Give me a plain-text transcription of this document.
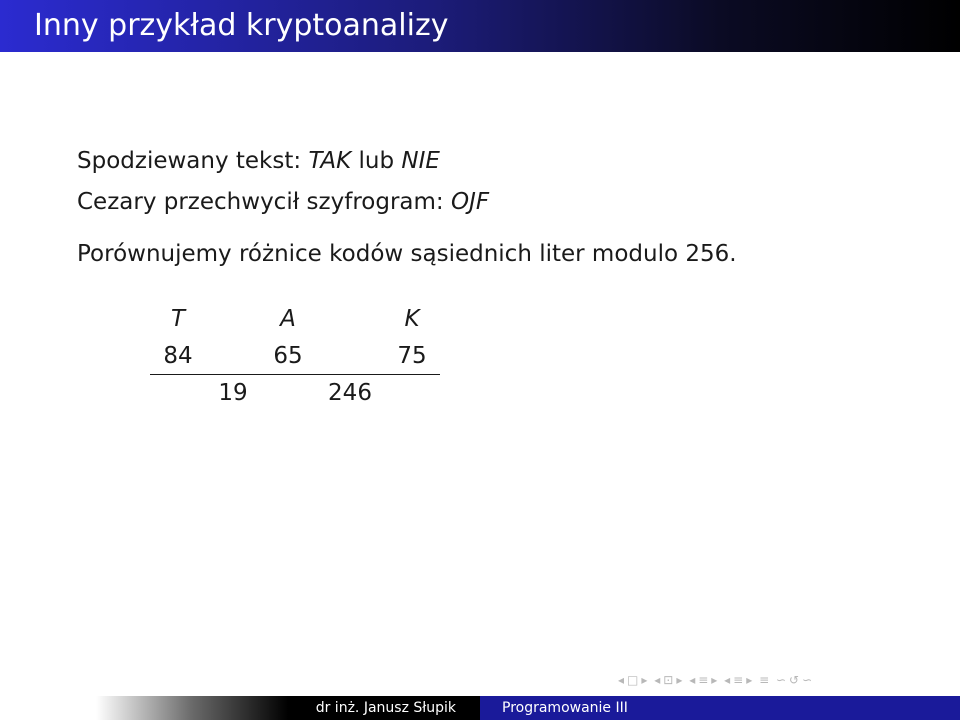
Inny przykład kryptoanalizy
Spodziewany tekst: TAK lub NIE
Cezary przechwycił szyfrogram: OJF
Porównujemy różnice kodów sąsiednich liter modulo 256.
T	A	K
84	65	75
19	246
◂ □ ▸ ◂ ⊡ ▸ ◂ ≡ ▸ ◂ ≡ ▸ ≡ ∽ ↺ ∽
dr inż. Janusz Słupik	Programowanie III
